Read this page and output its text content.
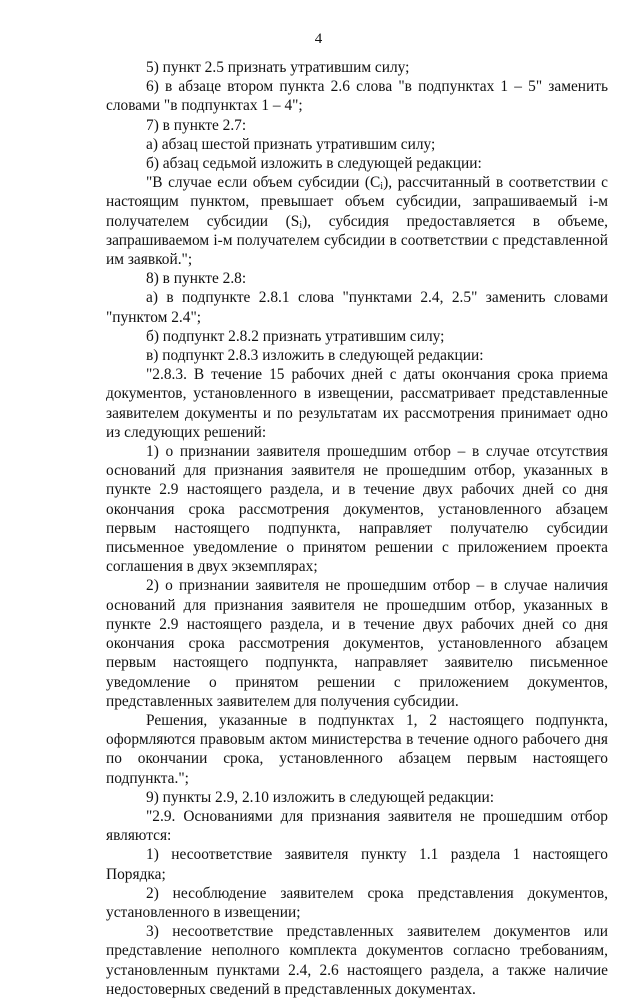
4

5) пункт 2.5 признать утратившим силу;

6) в абзаце втором пункта 2.6 слова "в подпунктах 1 – 5" заменить словами "в подпунктах 1 – 4";

7) в пункте 2.7:

а) абзац шестой признать утратившим силу;

б) абзац седьмой изложить в следующей редакции:

"В случае если объем субсидии $(C_i)$, рассчитанный в соответствии с настоящим пунктом, превышает объем субсидии, запрашиваемый i-м получателем субсидии $(S_i)$, субсидия предоставляется в объеме, запрашиваемом i-м получателем субсидии в соответствии с представленной им заявкой.";

8) в пункте 2.8:

а) в подпункте 2.8.1 слова "пунктами 2.4, 2.5" заменить словами "пунктом 2.4";

б) подпункт 2.8.2 признать утратившим силу;

в) подпункт 2.8.3 изложить в следующей редакции:

"2.8.3. В течение 15 рабочих дней с даты окончания срока приема документов, установленного в извещении, рассматривает представленные заявителем документы и по результатам их рассмотрения принимает одно из следующих решений:

1) о признании заявителя прошедшим отбор – в случае отсутствия оснований для признания заявителя не прошедшим отбор, указанных в пункте 2.9 настоящего раздела, и в течение двух рабочих дней со дня окончания срока рассмотрения документов, установленного абзацем первым настоящего подпункта, направляет получателю субсидии письменное уведомление о принятом решении с приложением проекта соглашения в двух экземплярах;

2) о признании заявителя не прошедшим отбор – в случае наличия оснований для признания заявителя не прошедшим отбор, указанных в пункте 2.9 настоящего раздела, и в течение двух рабочих дней со дня окончания срока рассмотрения документов, установленного абзацем первым настоящего подпункта, направляет заявителю письменное уведомление о принятом решении с приложением документов, представленных заявителем для получения субсидии.

Решения, указанные в подпунктах 1, 2 настоящего подпункта, оформляются правовым актом министерства в течение одного рабочего дня по окончании срока, установленного абзацем первым настоящего подпункта.";

9) пункты 2.9, 2.10 изложить в следующей редакции:

"2.9. Основаниями для признания заявителя не прошедшим отбор являются:

1) несоответствие заявителя пункту 1.1 раздела 1 настоящего Порядка;

2) несоблюдение заявителем срока представления документов, установленного в извещении;

3) несоответствие представленных заявителем документов или представление неполного комплекта документов согласно требованиям, установленным пунктами 2.4, 2.6 настоящего раздела, а также наличие недостоверных сведений в представленных документах.
